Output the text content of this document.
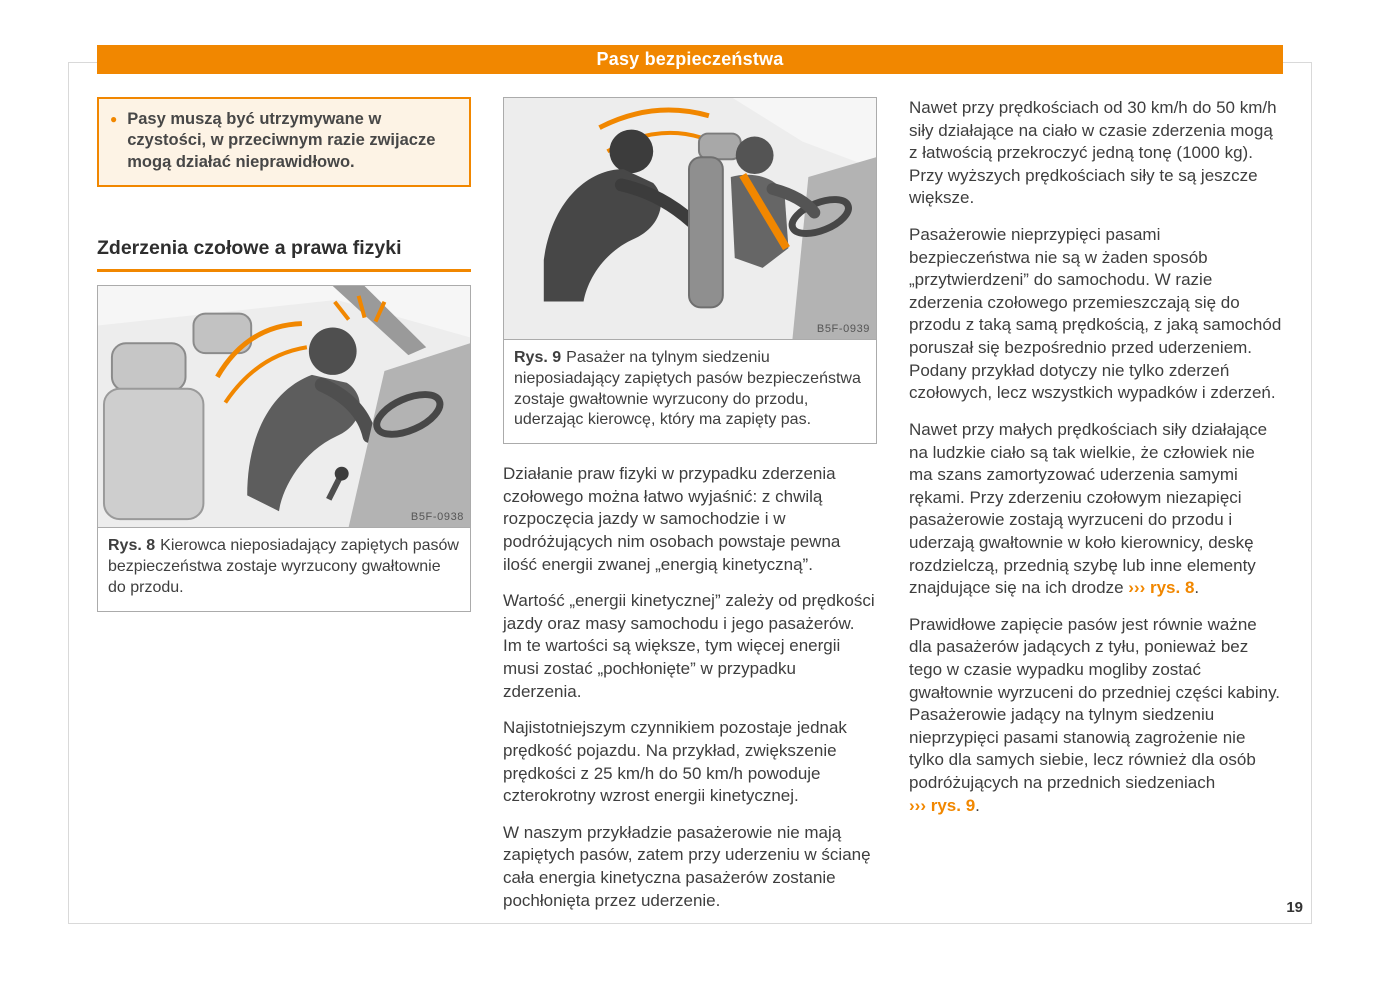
Pasy bezpieczeństwa
● Pasy muszą być utrzymywane w czystości, w przeciwnym razie zwijacze mogą działać nieprawidłowo.
Zderzenia czołowe a prawa fizyki
B5F-0938
Rys. 8 Kierowca nieposiadający zapiętych pasów bezpieczeństwa zostaje wyrzucony gwałtownie do przodu.
B5F-0939
Rys. 9 Pasażer na tylnym siedzeniu nieposiadający zapiętych pasów bezpieczeństwa zostaje gwałtownie wyrzucony do przodu, uderzając kierowcę, który ma zapięty pas.

Działanie praw fizyki w przypadku zderzenia czołowego można łatwo wyjaśnić: z chwilą rozpoczęcia jazdy w samochodzie i w podróżujących nim osobach powstaje pewna ilość energii zwanej „energią kinetyczną”.

Wartość „energii kinetycznej” zależy od prędkości jazdy oraz masy samochodu i jego pasażerów. Im te wartości są większe, tym więcej energii musi zostać „pochłonięte” w przypadku zderzenia.

Najistotniejszym czynnikiem pozostaje jednak prędkość pojazdu. Na przykład, zwiększenie prędkości z 25 km/h do 50 km/h powoduje czterokrotny wzrost energii kinetycznej.

W naszym przykładzie pasażerowie nie mają zapiętych pasów, zatem przy uderzeniu w ścianę cała energia kinetyczna pasażerów zostanie pochłonięta przez uderzenie.

Nawet przy prędkościach od 30 km/h do 50 km/h siły działające na ciało w czasie zderzenia mogą z łatwością przekroczyć jedną tonę (1000 kg). Przy wyższych prędkościach siły te są jeszcze większe.

Pasażerowie nieprzypięci pasami bezpieczeństwa nie są w żaden sposób „przytwierdzeni” do samochodu. W razie zderzenia czołowego przemieszczają się do przodu z taką samą prędkością, z jaką samochód poruszał się bezpośrednio przed uderzeniem. Podany przykład dotyczy nie tylko zderzeń czołowych, lecz wszystkich wypadków i zderzeń.

Nawet przy małych prędkościach siły działające na ludzkie ciało są tak wielkie, że człowiek nie ma szans zamortyzować uderzenia samymi rękami. Przy zderzeniu czołowym niezapięci pasażerowie zostają wyrzuceni do przodu i uderzają gwałtownie w koło kierownicy, deskę rozdzielczą, przednią szybę lub inne elementy znajdujące się na ich drodze ››› rys. 8.

Prawidłowe zapięcie pasów jest równie ważne dla pasażerów jadących z tyłu, ponieważ bez tego w czasie wypadku mogliby zostać gwałtownie wyrzuceni do przedniej części kabiny. Pasażerowie jadący na tylnym siedzeniu nieprzypięci pasami stanowią zagrożenie nie tylko dla samych siebie, lecz również dla osób podróżujących na przednich siedzeniach ››› rys. 9.

19
